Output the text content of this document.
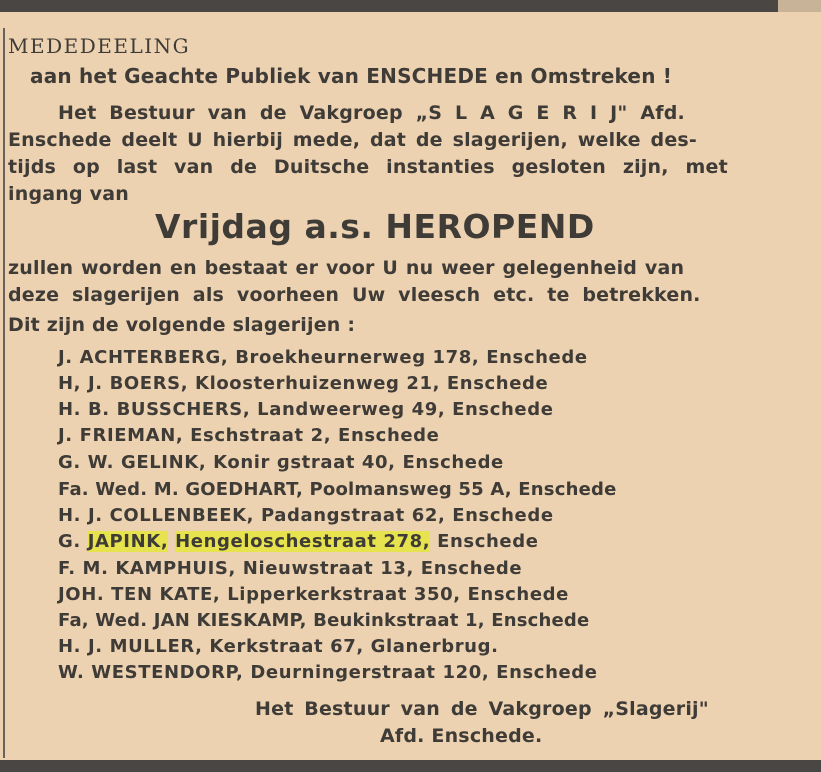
MEDEDEELING
aan het Geachte Publiek van ENSCHEDE en Omstreken !
Het Bestuur van de Vakgroep „S L A G E R I J" Afd.
Enschede deelt U hierbij mede, dat de slagerijen, welke des-
tijds op last van de Duitsche instanties gesloten zijn, met
ingang van
Vrijdag a.s. HEROPEND
zullen worden en bestaat er voor U nu weer gelegenheid van
deze slagerijen als voorheen Uw vleesch etc. te betrekken.
Dit zijn de volgende slagerijen :
J. ACHTERBERG, Broekheurnerweg 178, Enschede
H, J. BOERS, Kloosterhuizenweg 21, Enschede
H. B. BUSSCHERS, Landweerweg 49, Enschede
J. FRIEMAN, Eschstraat 2, Enschede
G. W. GELINK, Konir ɡstraat 40, Enschede
Fa. Wed. M. GOEDHART, Poolmansweg 55 A, Enschede
H. J. COLLENBEEK, Padangstraat 62, Enschede
G. JAPINK, Hengeloschestraat 278, Enschede
F. M. KAMPHUIS, Nieuwstraat 13, Enschede
JOH. TEN KATE, Lipperkerkstraat 350, Enschede
Fa, Wed. JAN KIESKAMP, Beukinkstraat 1, Enschede
H. J. MULLER, Kerkstraat 67, Glanerbrug.
W. WESTENDORP, Deurningerstraat 120, Enschede
Het Bestuur van de Vakgroep „Slagerij"
Afd. Enschede.
